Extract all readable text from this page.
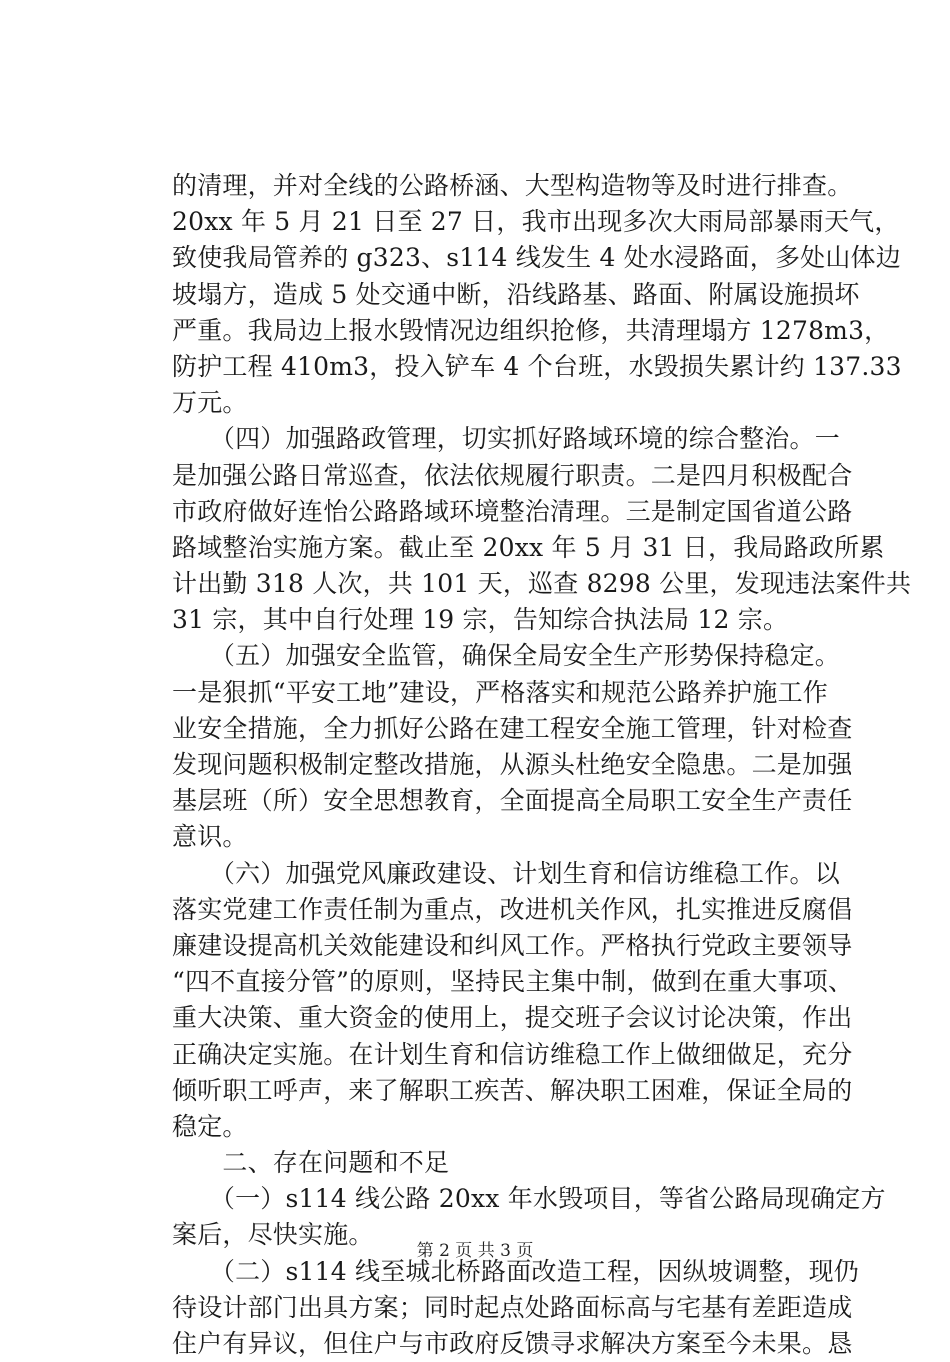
的清理，并对全线的公路桥涵、大型构造物等及时进行排查。
20xx 年 5 月 21 日至 27 日，我市出现多次大雨局部暴雨天气，
致使我局管养的 g323、s114 线发生 4 处水浸路面，多处山体边
坡塌方，造成 5 处交通中断，沿线路基、路面、附属设施损坏
严重。我局边上报水毁情况边组织抢修，共清理塌方 1278m3，
防护工程 410m3，投入铲车 4 个台班，水毁损失累计约 137.33
万元。
　　（四）加强路政管理，切实抓好路域环境的综合整治。一
是加强公路日常巡查，依法依规履行职责。二是四月积极配合
市政府做好连怡公路路域环境整治清理。三是制定国省道公路
路域整治实施方案。截止至 20xx 年 5 月 31 日，我局路政所累
计出勤 318 人次，共 101 天，巡查 8298 公里，发现违法案件共
31 宗，其中自行处理 19 宗，告知综合执法局 12 宗。
　　（五）加强安全监管，确保全局安全生产形势保持稳定。
一是狠抓“平安工地”建设，严格落实和规范公路养护施工作
业安全措施，全力抓好公路在建工程安全施工管理，针对检查
发现问题积极制定整改措施，从源头杜绝安全隐患。二是加强
基层班（所）安全思想教育，全面提高全局职工安全生产责任
意识。
　　（六）加强党风廉政建设、计划生育和信访维稳工作。以
落实党建工作责任制为重点，改进机关作风，扎实推进反腐倡
廉建设提高机关效能建设和纠风工作。严格执行党政主要领导
“四不直接分管”的原则，坚持民主集中制，做到在重大事项、
重大决策、重大资金的使用上，提交班子会议讨论决策，作出
正确决定实施。在计划生育和信访维稳工作上做细做足，充分
倾听职工呼声，来了解职工疾苦、解决职工困难，保证全局的
稳定。
　　二、存在问题和不足
　　（一）s114 线公路 20xx 年水毁项目，等省公路局现确定方
案后，尽快实施。
　　（二）s114 线至城北桥路面改造工程，因纵坡调整，现仍
待设计部门出具方案；同时起点处路面标高与宅基有差距造成
住户有异议，但住户与市政府反馈寻求解决方案至今未果。恳
第 2 页 共 3 页
